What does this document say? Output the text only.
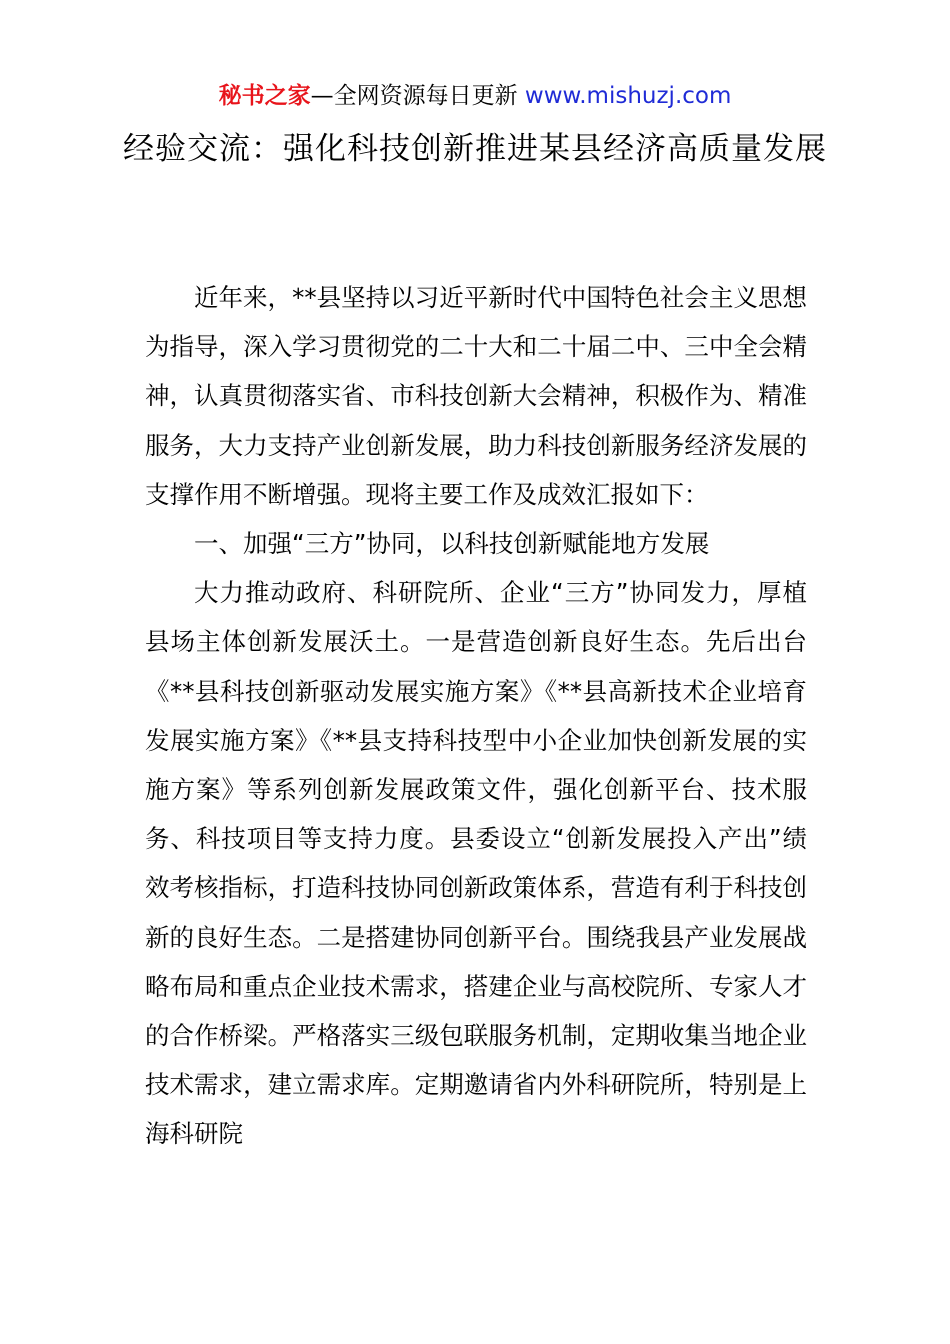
秘书之家—全网资源每日更新 www.mishuzj.com
经验交流：强化科技创新推进某县经济高质量发展

近年来，**县坚持以习近平新时代中国特色社会主义思想为指导，深入学习贯彻党的二十大和二十届二中、三中全会精神，认真贯彻落实省、市科技创新大会精神，积极作为、精准服务，大力支持产业创新发展，助力科技创新服务经济发展的支撑作用不断增强。现将主要工作及成效汇报如下：

一、加强“三方”协同，以科技创新赋能地方发展

大力推动政府、科研院所、企业“三方”协同发力，厚植县场主体创新发展沃土。一是营造创新良好生态。先后出台《**县科技创新驱动发展实施方案》《**县高新技术企业培育发展实施方案》《**县支持科技型中小企业加快创新发展的实施方案》等系列创新发展政策文件，强化创新平台、技术服务、科技项目等支持力度。县委设立“创新发展投入产出”绩效考核指标，打造科技协同创新政策体系，营造有利于科技创新的良好生态。二是搭建协同创新平台。围绕我县产业发展战略布局和重点企业技术需求，搭建企业与高校院所、专家人才的合作桥梁。严格落实三级包联服务机制，定期收集当地企业技术需求，建立需求库。定期邀请省内外科研院所，特别是上海科研院
